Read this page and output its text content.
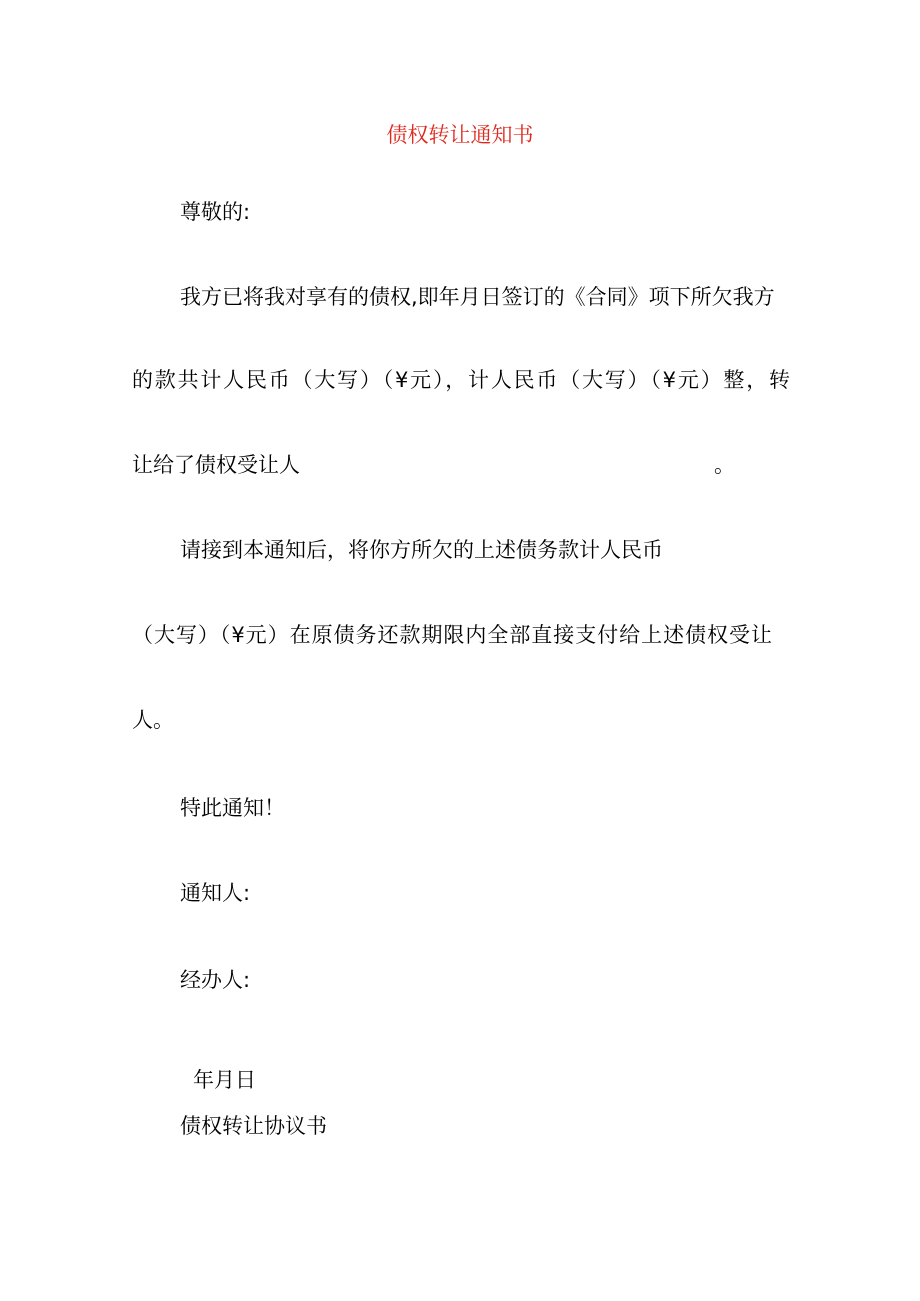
债权转让通知书
尊敬的:
我方已将我对享有的债权,即年月日签订的《合同》项下所欠我方
的款共计人民币（大写）（¥元），计人民币（大写）（¥元）整，转
让给了债权受让人	。
请接到本通知后，将你方所欠的上述债务款计人民币
（大写）（¥元）在原债务还款期限内全部直接支付给上述债权受让
人。
特此通知！
通知人:
经办人:
年月日
债权转让协议书
